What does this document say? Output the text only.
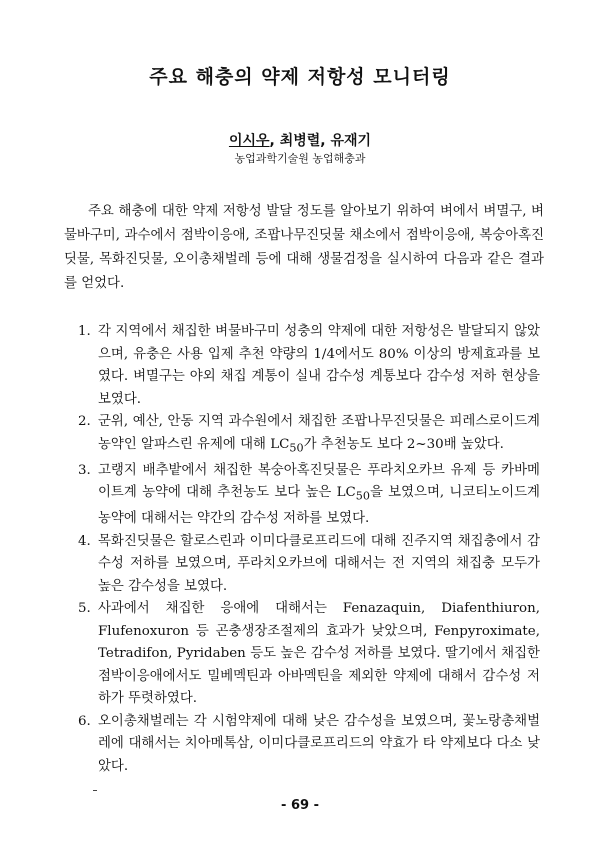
주요 해충의 약제 저항성 모니터링
이시우, 최병렬, 유재기
농업과학기술원 농업해충과

주요 해충에 대한 약제 저항성 발달 정도를 알아보기 위하여 벼에서 벼멸구, 벼물바구미, 과수에서 점박이응애, 조팝나무진딧물 채소에서 점박이응애, 복숭아혹진딧물, 목화진딧물, 오이총채벌레 등에 대해 생물검정을 실시하여 다음과 같은 결과를 얻었다.

1. 각 지역에서 채집한 벼물바구미 성충의 약제에 대한 저항성은 발달되지 않았으며, 유충은 사용 입제 추천 약량의 1/4에서도 80% 이상의 방제효과를 보였다. 벼멸구는 야외 채집 계통이 실내 감수성 계통보다 감수성 저하 현상을 보였다.
2. 군위, 예산, 안동 지역 과수원에서 채집한 조팝나무진딧물은 피레스로이드계 농약인 알파스린 유제에 대해 $LC_{50}$가 추천농도 보다 2~30배 높았다.
3. 고랭지 배추밭에서 채집한 복숭아혹진딧물은 푸라치오카브 유제 등 카바메이트계 농약에 대해 추천농도 보다 높은 $LC_{50}$을 보였으며, 니코티노이드계 농약에 대해서는 약간의 감수성 저하를 보였다.
4. 목화진딧물은 할로스린과 이미다클로프리드에 대해 진주지역 채집충에서 감수성 저하를 보였으며, 푸라치오카브에 대해서는 전 지역의 채집충 모두가 높은 감수성을 보였다.
5. 사과에서 채집한 응애에 대해서는 Fenazaquin, Diafenthiuron, Flufenoxuron 등 곤충생장조절제의 효과가 낮았으며, Fenpyroximate, Tetradifon, Pyridaben 등도 높은 감수성 저하를 보였다. 딸기에서 채집한 점박이응애에서도 밀베멕틴과 아바멕틴을 제외한 약제에 대해서 감수성 저하가 뚜렷하였다.
6. 오이총채벌레는 각 시험약제에 대해 낮은 감수성을 보였으며, 꽃노랑총채벌레에 대해서는 치아메톡삼, 이미다클로프리드의 약효가 타 약제보다 다소 낮았다.
- 69 -
